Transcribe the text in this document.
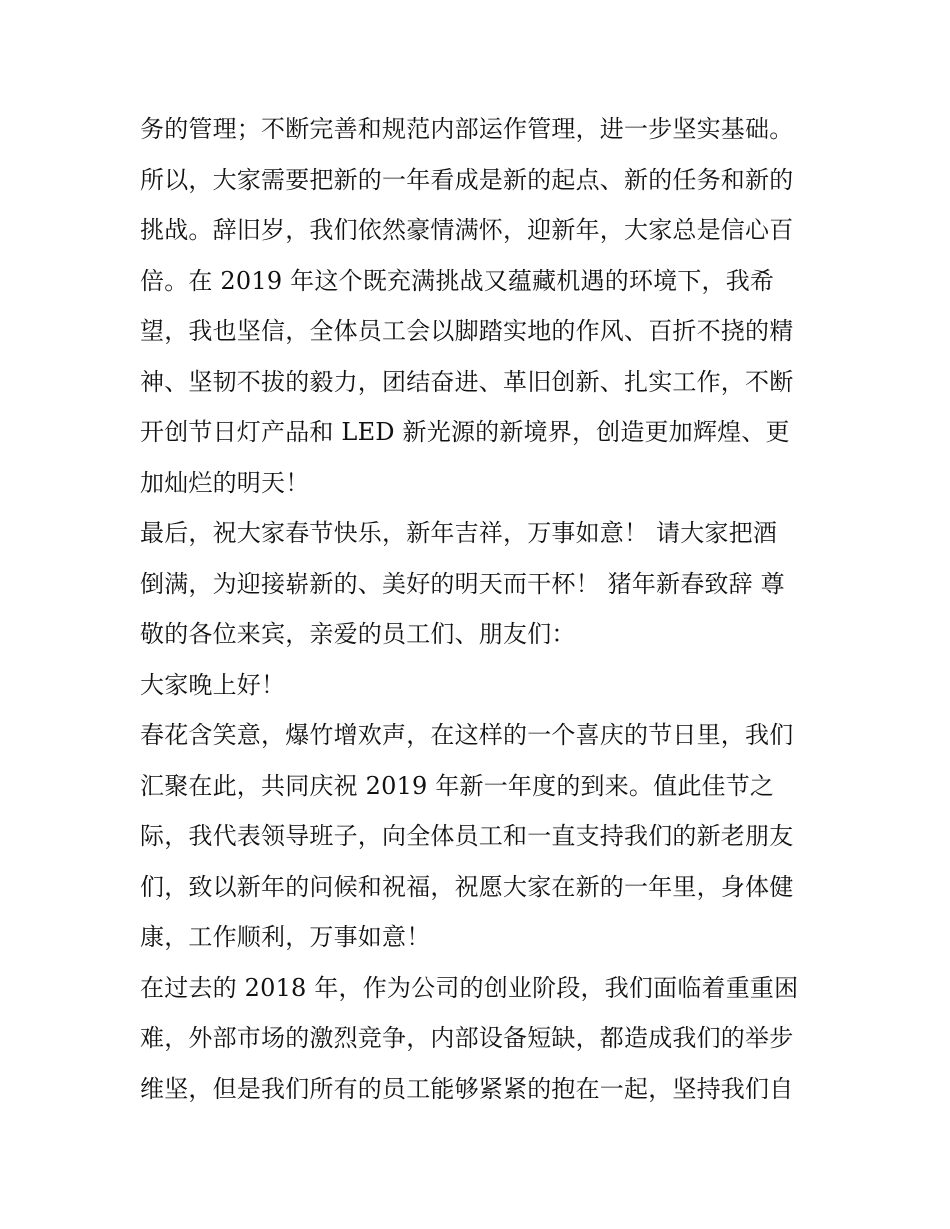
务的管理；不断完善和规范内部运作管理，进一步坚实基础。
所以，大家需要把新的一年看成是新的起点、新的任务和新的
挑战。辞旧岁，我们依然豪情满怀，迎新年，大家总是信心百
倍。在 2019 年这个既充满挑战又蕴藏机遇的环境下，我希
望，我也坚信，全体员工会以脚踏实地的作风、百折不挠的精
神、坚韧不拔的毅力，团结奋进、革旧创新、扎实工作，不断
开创节日灯产品和 LED 新光源的新境界，创造更加辉煌、更
加灿烂的明天！
最后，祝大家春节快乐，新年吉祥，万事如意！ 请大家把酒
倒满，为迎接崭新的、美好的明天而干杯！ 猪年新春致辞 尊
敬的各位来宾，亲爱的员工们、朋友们：
大家晚上好！
春花含笑意，爆竹增欢声，在这样的一个喜庆的节日里，我们
汇聚在此，共同庆祝 2019 年新一年度的到来。值此佳节之
际，我代表领导班子，向全体员工和一直支持我们的新老朋友
们，致以新年的问候和祝福，祝愿大家在新的一年里，身体健
康，工作顺利，万事如意！
在过去的 2018 年，作为公司的创业阶段，我们面临着重重困
难，外部市场的激烈竞争，内部设备短缺，都造成我们的举步
维坚，但是我们所有的员工能够紧紧的抱在一起，坚持我们自
